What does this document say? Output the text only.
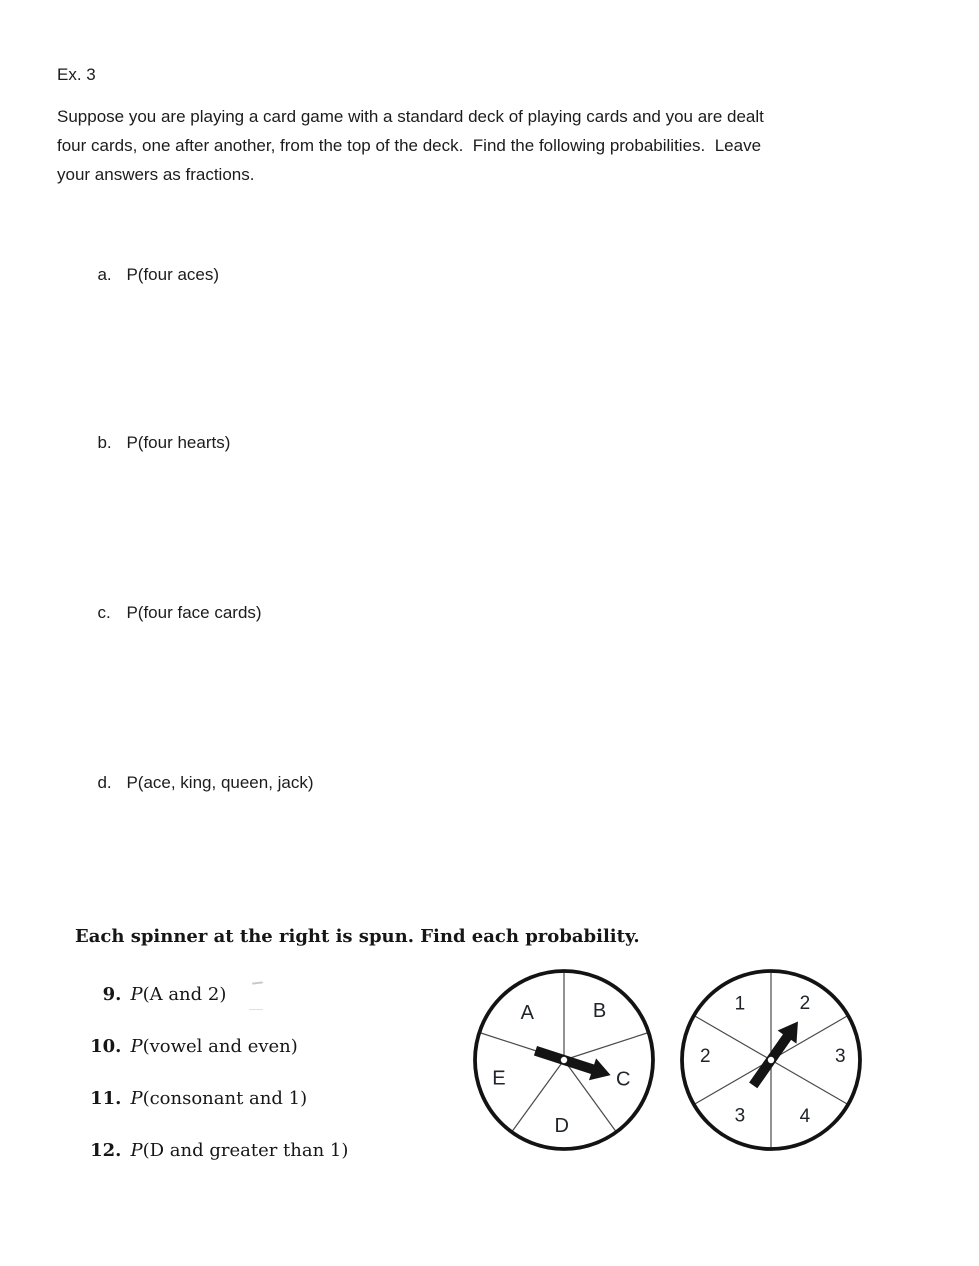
Ex. 3
Suppose you are playing a card game with a standard deck of playing cards and you are dealt
four cards, one after another, from the top of the deck.  Find the following probabilities.  Leave
your answers as fractions.

a. P(four aces)

b. P(four hearts)

c. P(four face cards)

d. P(ace, king, queen, jack)

Each spinner at the right is spun. Find each probability.

9. P(A and 2)

10. P(vowel and even)

11. P(consonant and 1)

12. P(D and greater than 1)

A	B
C
D
E
1	2
3
4
3
2
